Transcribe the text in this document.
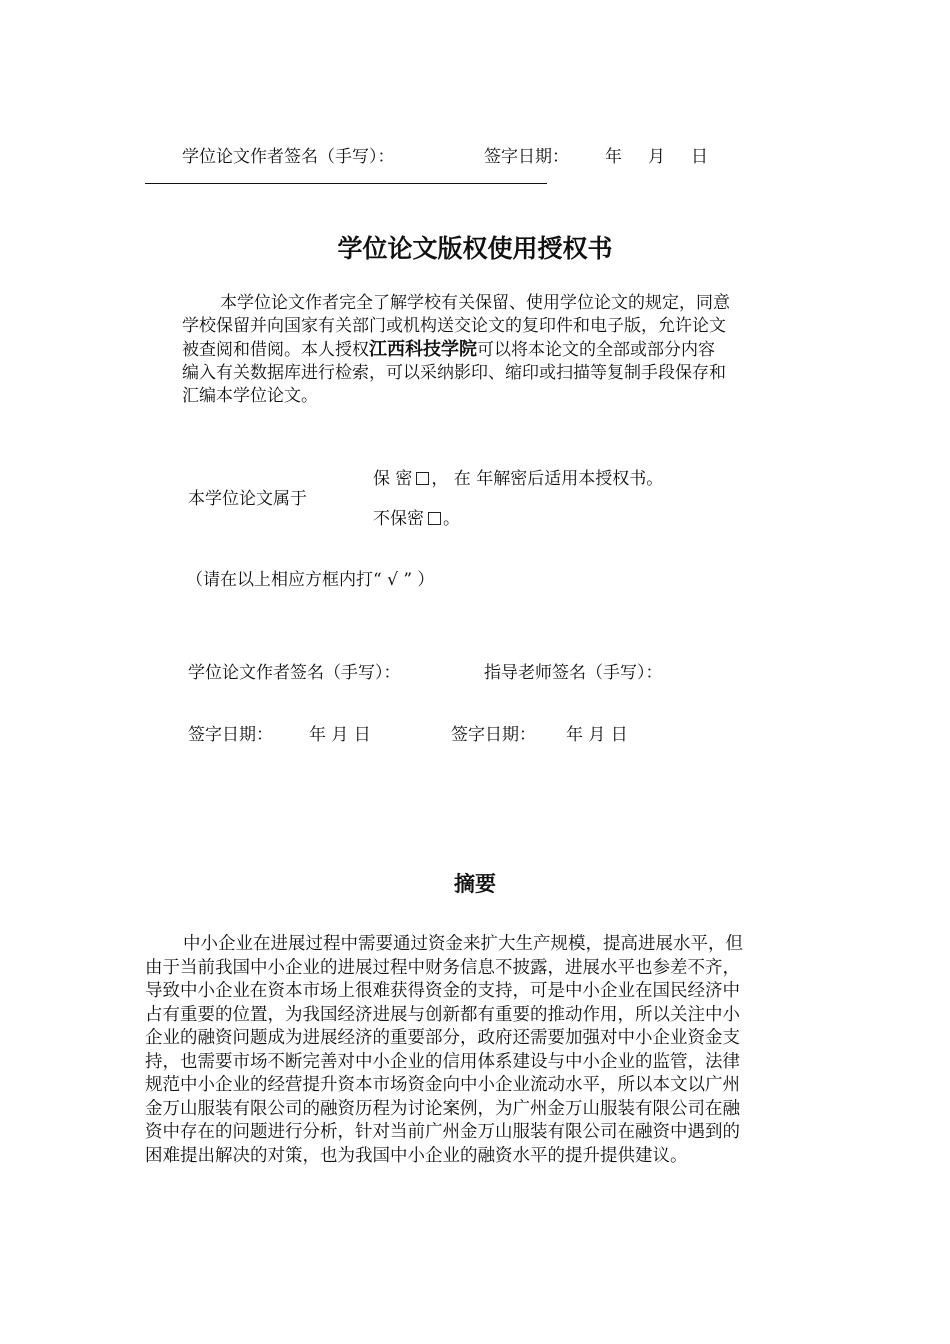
学位论文作者签名（手写）：	签字日期： 年 月 日
学位论文版权使用授权书

本学位论文作者完全了解学校有关保留、使用学位论文的规定，同意

学校保留并向国家有关部门或机构送交论文的复印件和电子版，允许论文

被查阅和借阅。本人授权江西科技学院可以将本论文的全部或部分内容

编入有关数据库进行检索，可以采纳影印、缩印或扫描等复制手段保存和

汇编本学位论文。

本学位论文属于
保 密 ， 在 年解密后适用本授权书。
不保密 。
（请在以上相应方框内打“ √ ” ）
学位论文作者签名（手写）：	指导老师签名（手写）：
签字日期： 年 月 日	签字日期： 年 月 日
摘要

中小企业在进展过程中需要通过资金来扩大生产规模，提高进展水平，但

由于当前我国中小企业的进展过程中财务信息不披露，进展水平也参差不齐，

导致中小企业在资本市场上很难获得资金的支持，可是中小企业在国民经济中

占有重要的位置，为我国经济进展与创新都有重要的推动作用，所以关注中小

企业的融资问题成为进展经济的重要部分，政府还需要加强对中小企业资金支

持，也需要市场不断完善对中小企业的信用体系建设与中小企业的监管，法律

规范中小企业的经营提升资本市场资金向中小企业流动水平，所以本文以广州

金万山服装有限公司的融资历程为讨论案例，为广州金万山服装有限公司在融

资中存在的问题进行分析，针对当前广州金万山服装有限公司在融资中遇到的

困难提出解决的对策，也为我国中小企业的融资水平的提升提供建议。
